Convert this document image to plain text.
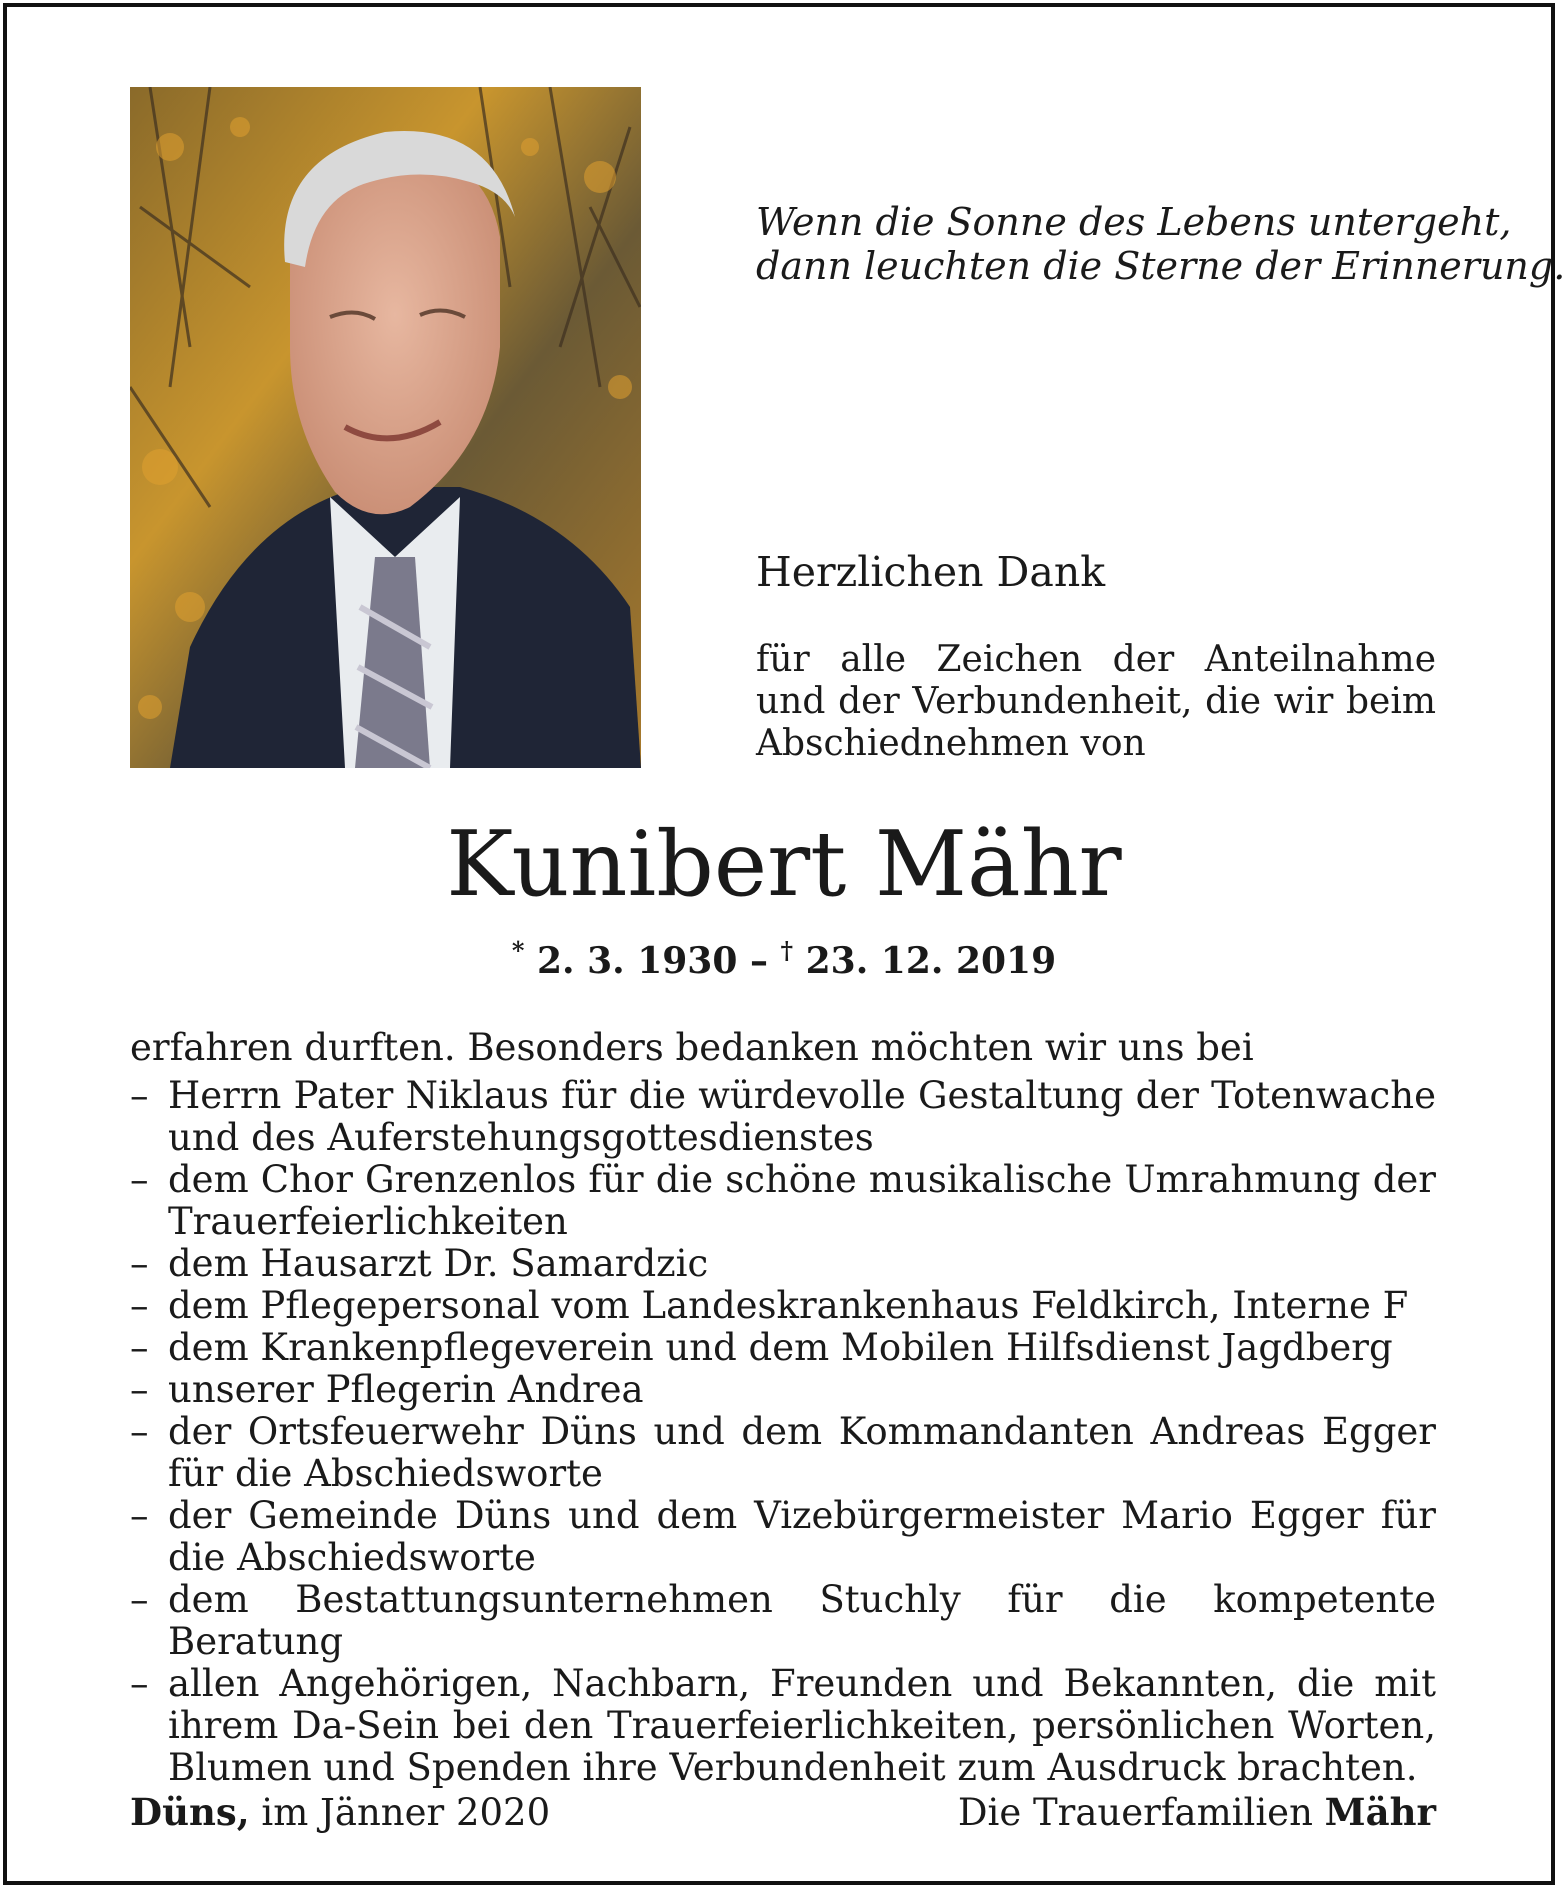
Wenn die Sonne des Lebens untergeht,
dann leuchten die Sterne der Erinnerung.
Herzlichen Dank
für alle Zeichen der Anteilnahme und der Verbundenheit, die wir beim Abschiednehmen von
Kunibert Mähr
* 2. 3. 1930 – † 23. 12. 2019
erfahren durften. Besonders bedanken möchten wir uns bei
– Herrn Pater Niklaus für die würdevolle Gestaltung der Totenwache und des Auferstehungsgottesdienstes
– dem Chor Grenzenlos für die schöne musikalische Umrahmung der Trauerfeierlichkeiten
– dem Hausarzt Dr. Samardzic
– dem Pflegepersonal vom Landeskrankenhaus Feldkirch, Interne F
– dem Krankenpflegeverein und dem Mobilen Hilfsdienst Jagdberg
– unserer Pflegerin Andrea
– der Ortsfeuerwehr Düns und dem Kommandanten Andreas Egger für die Abschiedsworte
– der Gemeinde Düns und dem Vizebürgermeister Mario Egger für die Abschiedsworte
– dem Bestattungsunternehmen Stuchly für die kompetente Beratung
– allen Angehörigen, Nachbarn, Freunden und Bekannten, die mit ihrem Da-Sein bei den Trauerfeierlichkeiten, persönlichen Worten, Blumen und Spenden ihre Verbundenheit zum Ausdruck brachten.
Düns, im Jänner 2020	Die Trauerfamilien Mähr
